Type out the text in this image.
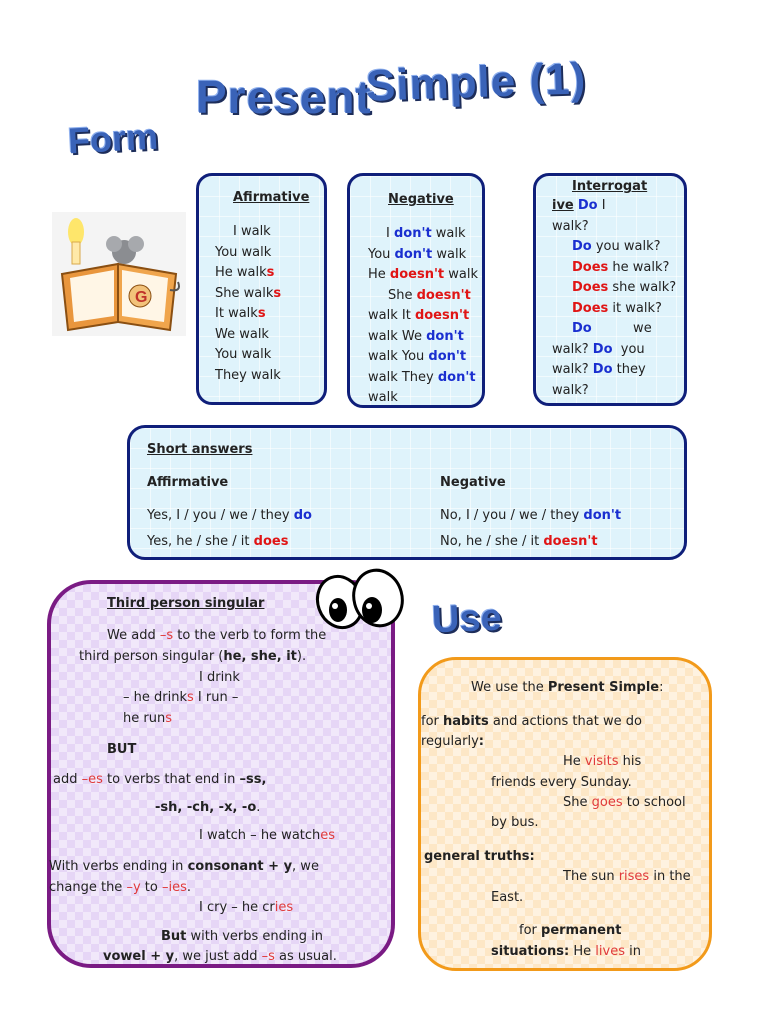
Present
Simple (1)
Form
G
Afirmative
I walk
You walk
He walks
She walks
It walks
We walk
You walk
They walk
Negative
I don't walk
You don't walk
He doesn't walk
She doesn't
walk It doesn't
walk We don't
walk You don't
walk They don't
walk
Interrogat
ive Do I
walk?
Do you walk?
Does he walk?
Does she walk?
Does it walk?
Do          we
walk? Do  you
walk? Do they
walk?
Short answers
Affirmative	Negative
Yes, I / you / we / they do
Yes, he / she / it does
No, I / you / we / they don't
No, he / she / it doesn't
Third person singular
We add –s to the verb to form the
third person singular (he, she, it).
I drink
– he drinks I run –
he runs
BUT
add –es to verbs that end in –ss,
-sh, -ch, -x, -o.
I watch – he watches
With verbs ending in consonant + y, we
change the –y to –ies.
I cry – he cries
But with verbs ending in
vowel + y, we just add –s as usual.
Use
We use the Present Simple:
for habits and actions that we do
regularly:
He visits his
friends every Sunday.
She goes to school
by bus.
general truths:
The sun rises in the
East.
for permanent
situations: He lives in
